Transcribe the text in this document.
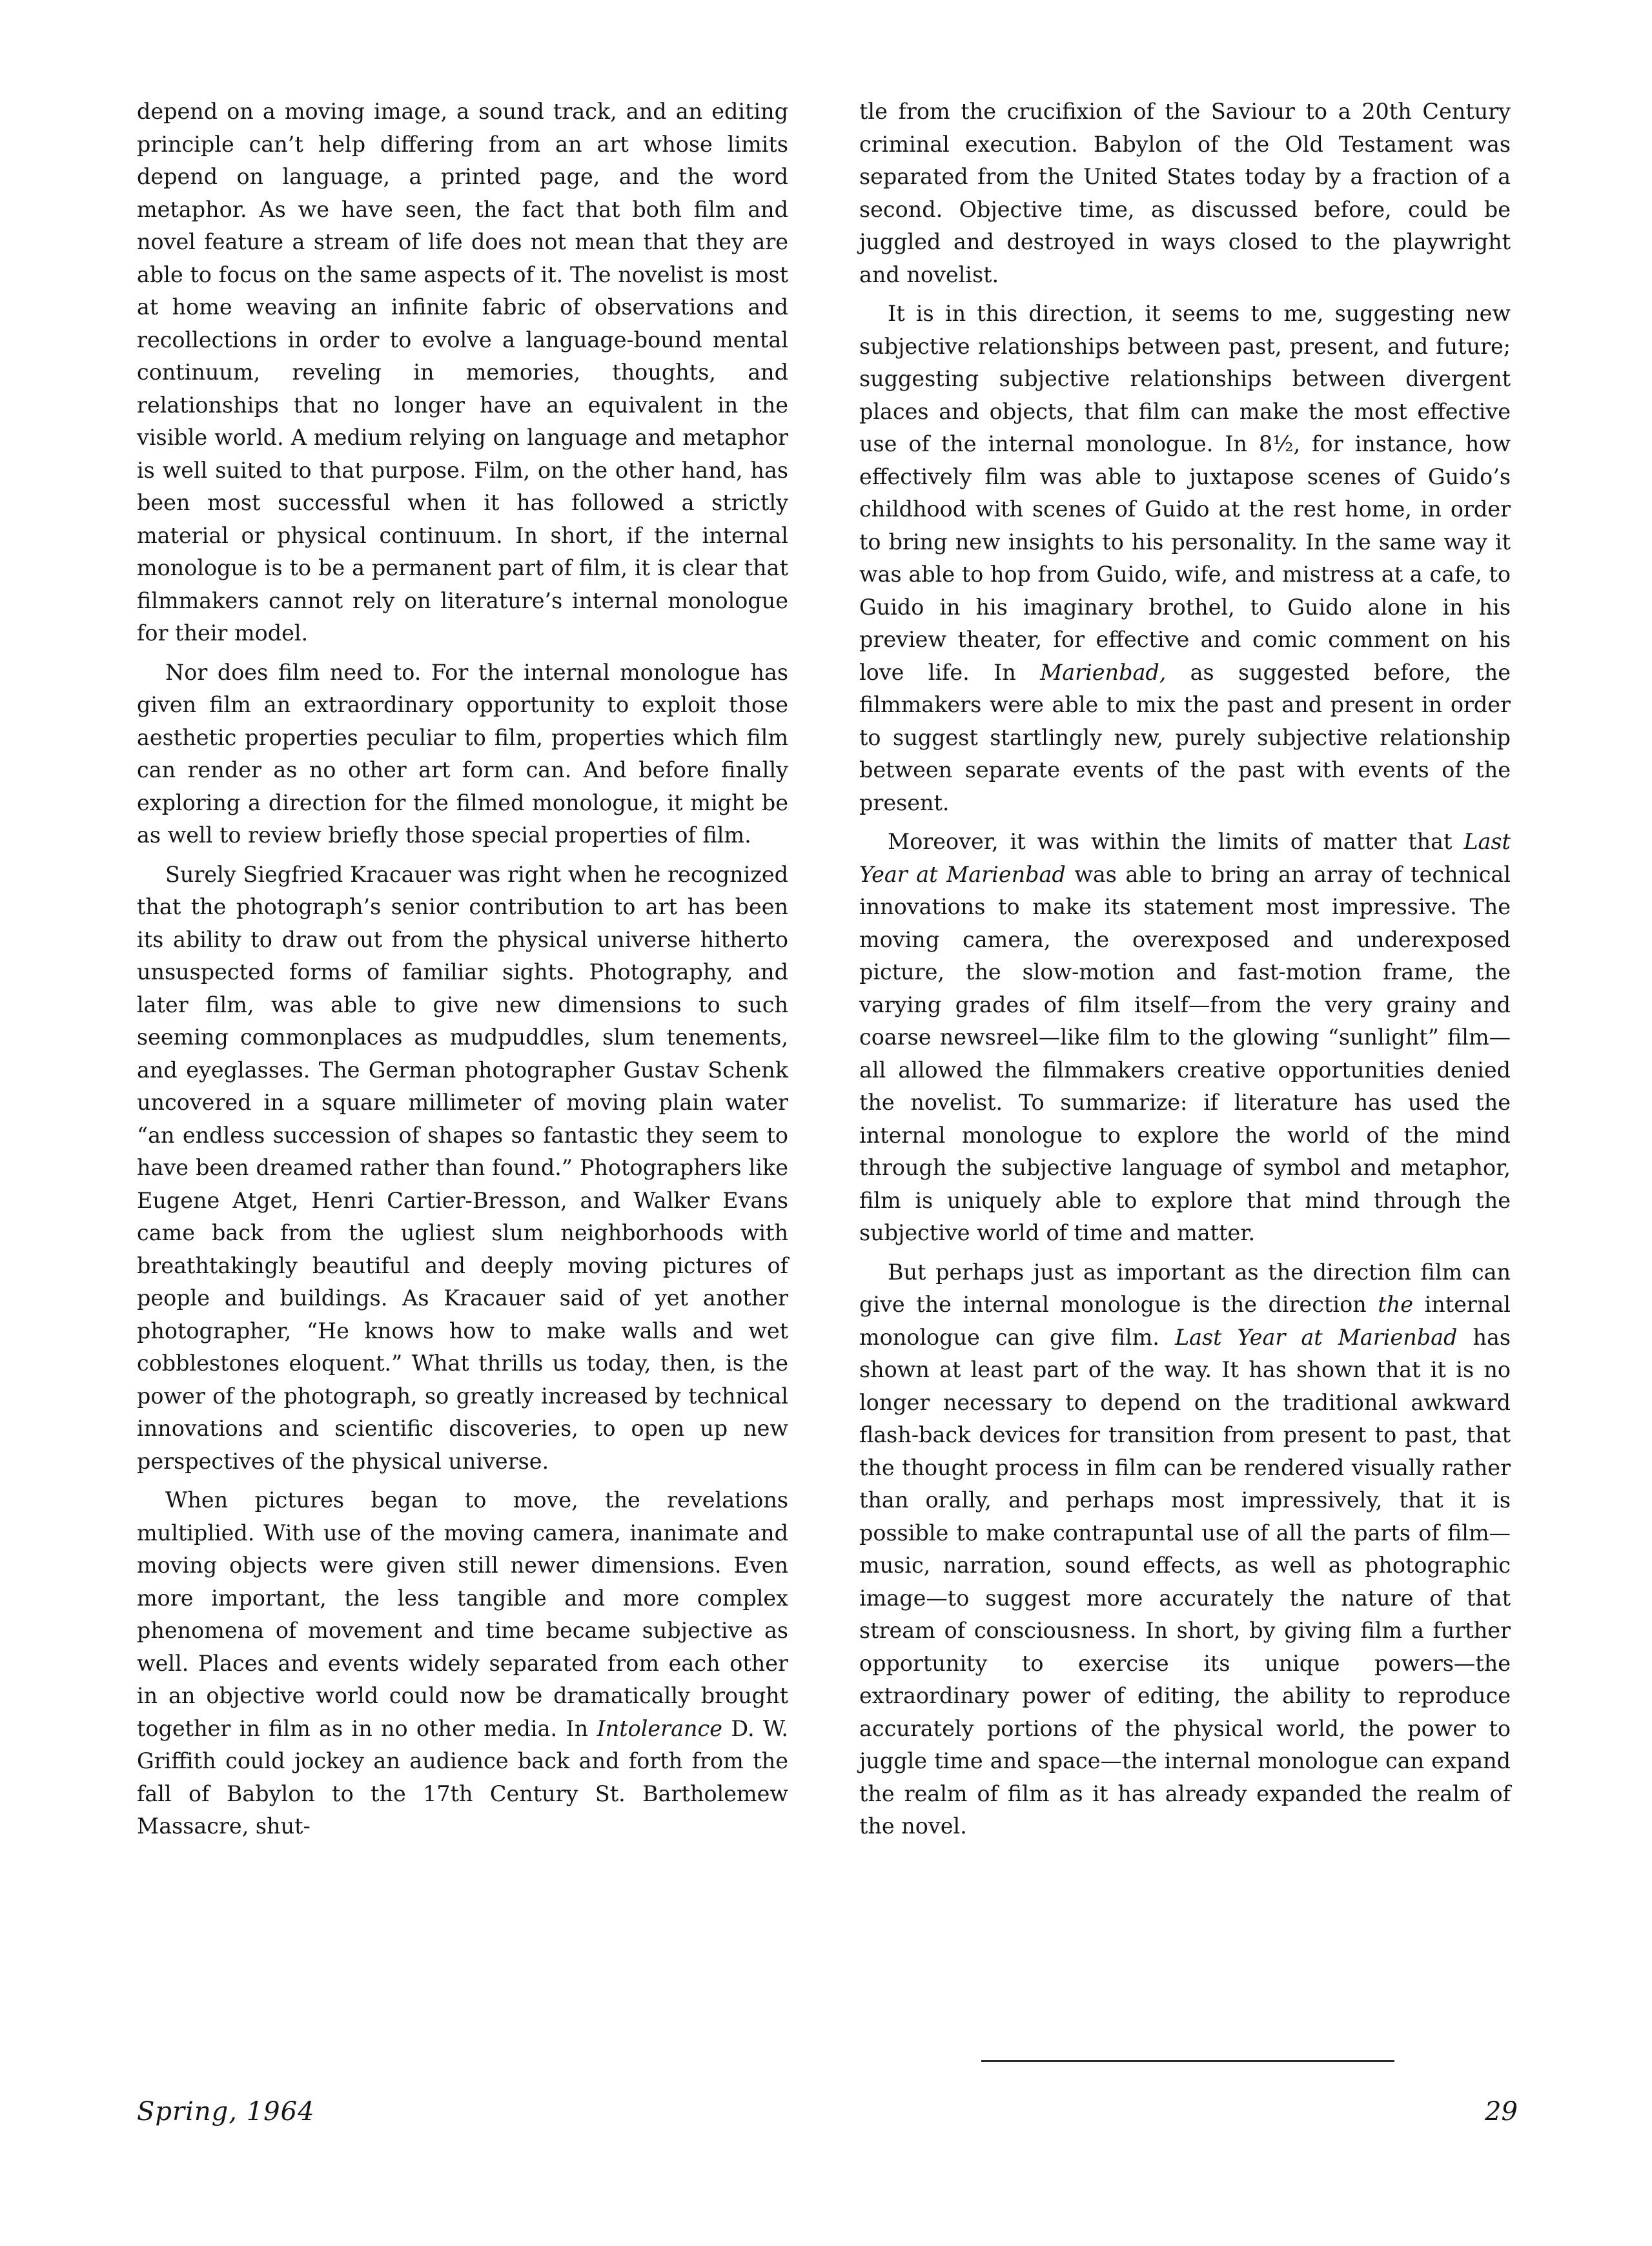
depend on a moving image, a sound track, and an editing principle can’t help differing from an art whose limits depend on language, a printed page, and the word metaphor. As we have seen, the fact that both film and novel feature a stream of life does not mean that they are able to focus on the same aspects of it. The novelist is most at home weaving an infinite fabric of observations and recollections in order to evolve a language-bound mental continuum, reveling in memories, thoughts, and relationships that no longer have an equivalent in the visible world. A medium relying on language and metaphor is well suited to that purpose. Film, on the other hand, has been most successful when it has followed a strictly material or physical continuum. In short, if the internal monologue is to be a permanent part of film, it is clear that filmmakers cannot rely on literature’s internal monologue for their model.

Nor does film need to. For the internal monologue has given film an extraordinary opportunity to exploit those aesthetic properties peculiar to film, properties which film can render as no other art form can. And before finally exploring a direction for the filmed monologue, it might be as well to review briefly those special properties of film.

Surely Siegfried Kracauer was right when he recognized that the photograph’s senior contribution to art has been its ability to draw out from the physical universe hitherto unsuspected forms of familiar sights. Photography, and later film, was able to give new dimensions to such seeming commonplaces as mudpuddles, slum tenements, and eyeglasses. The German photographer Gustav Schenk uncovered in a square millimeter of moving plain water “an endless succession of shapes so fantastic they seem to have been dreamed rather than found.” Photographers like Eugene Atget, Henri Cartier-Bresson, and Walker Evans came back from the ugliest slum neighborhoods with breathtakingly beautiful and deeply moving pictures of people and buildings. As Kracauer said of yet another photographer, “He knows how to make walls and wet cobblestones eloquent.” What thrills us today, then, is the power of the photograph, so greatly increased by technical innovations and scientific discoveries, to open up new perspectives of the physical universe.

When pictures began to move, the revelations multiplied. With use of the moving camera, inanimate and moving objects were given still newer dimensions. Even more important, the less tangible and more complex phenomena of movement and time became subjective as well. Places and events widely separated from each other in an objective world could now be dramatically brought together in film as in no other media. In Intolerance D. W. Griffith could jockey an audience back and forth from the fall of Babylon to the 17th Century St. Bartholemew Massacre, shut-

tle from the crucifixion of the Saviour to a 20th Century criminal execution. Babylon of the Old Testament was separated from the United States today by a fraction of a second. Objective time, as discussed before, could be juggled and destroyed in ways closed to the playwright and novelist.

It is in this direction, it seems to me, suggesting new subjective relationships between past, present, and future; suggesting subjective relationships between divergent places and objects, that film can make the most effective use of the internal monologue. In 8½, for instance, how effectively film was able to juxtapose scenes of Guido’s childhood with scenes of Guido at the rest home, in order to bring new insights to his personality. In the same way it was able to hop from Guido, wife, and mistress at a cafe, to Guido in his imaginary brothel, to Guido alone in his preview theater, for effective and comic comment on his love life. In Marienbad, as suggested before, the filmmakers were able to mix the past and present in order to suggest startlingly new, purely subjective relationship between separate events of the past with events of the present.

Moreover, it was within the limits of matter that Last Year at Marienbad was able to bring an array of technical innovations to make its statement most impressive. The moving camera, the overexposed and underexposed picture, the slow-motion and fast-motion frame, the varying grades of film itself—from the very grainy and coarse newsreel—like film to the glowing “sunlight” film—all allowed the filmmakers creative opportunities denied the novelist. To summarize: if literature has used the internal monologue to explore the world of the mind through the subjective language of symbol and metaphor, film is uniquely able to explore that mind through the subjective world of time and matter.

But perhaps just as important as the direction film can give the internal monologue is the direction the internal monologue can give film. Last Year at Marienbad has shown at least part of the way. It has shown that it is no longer necessary to depend on the traditional awkward flash-back devices for transition from present to past, that the thought process in film can be rendered visually rather than orally, and perhaps most impressively, that it is possible to make contrapuntal use of all the parts of film—music, narration, sound effects, as well as photographic image—to suggest more accurately the nature of that stream of consciousness. In short, by giving film a further opportunity to exercise its unique powers—the extraordinary power of editing, the ability to reproduce accurately portions of the physical world, the power to juggle time and space—the internal monologue can expand the realm of film as it has already expanded the realm of the novel.

Spring, 1964	29
